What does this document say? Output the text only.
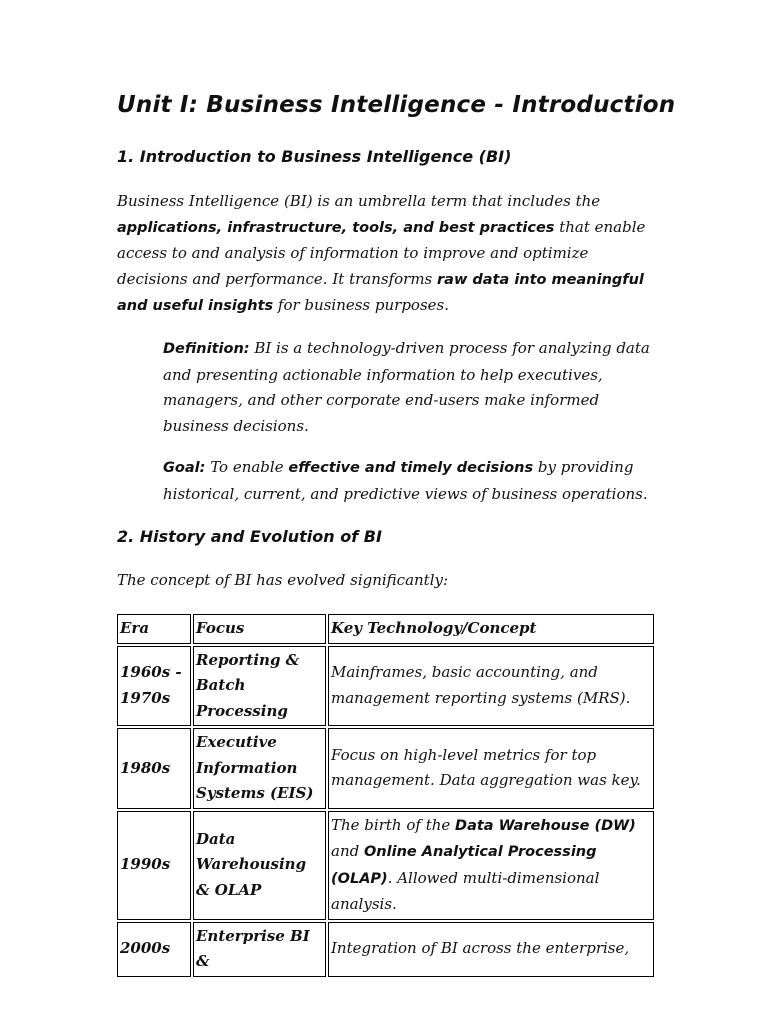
Unit I: Business Intelligence - Introduction
1. Introduction to Business Intelligence (BI)

Business Intelligence (BI) is an umbrella term that includes the applications, infrastructure, tools, and best practices that enable access to and analysis of information to improve and optimize decisions and performance. It transforms raw data into meaningful and useful insights for business purposes.

Definition: BI is a technology-driven process for analyzing data and presenting actionable information to help executives, managers, and other corporate end-users make informed business decisions.

Goal: To enable effective and timely decisions by providing historical, current, and predictive views of business operations.

2. History and Evolution of BI

The concept of BI has evolved significantly:

Era	Focus	Key Technology/Concept
1960s - 1970s	Reporting & Batch Processing	Mainframes, basic accounting, and management reporting systems (MRS).
1980s	Executive Information Systems (EIS)	Focus on high-level metrics for top management. Data aggregation was key.
1990s	Data Warehousing & OLAP	The birth of the Data Warehouse (DW) and Online Analytical Processing (OLAP). Allowed multi-dimensional analysis.
2000s	Enterprise BI &	Integration of BI across the enterprise,
